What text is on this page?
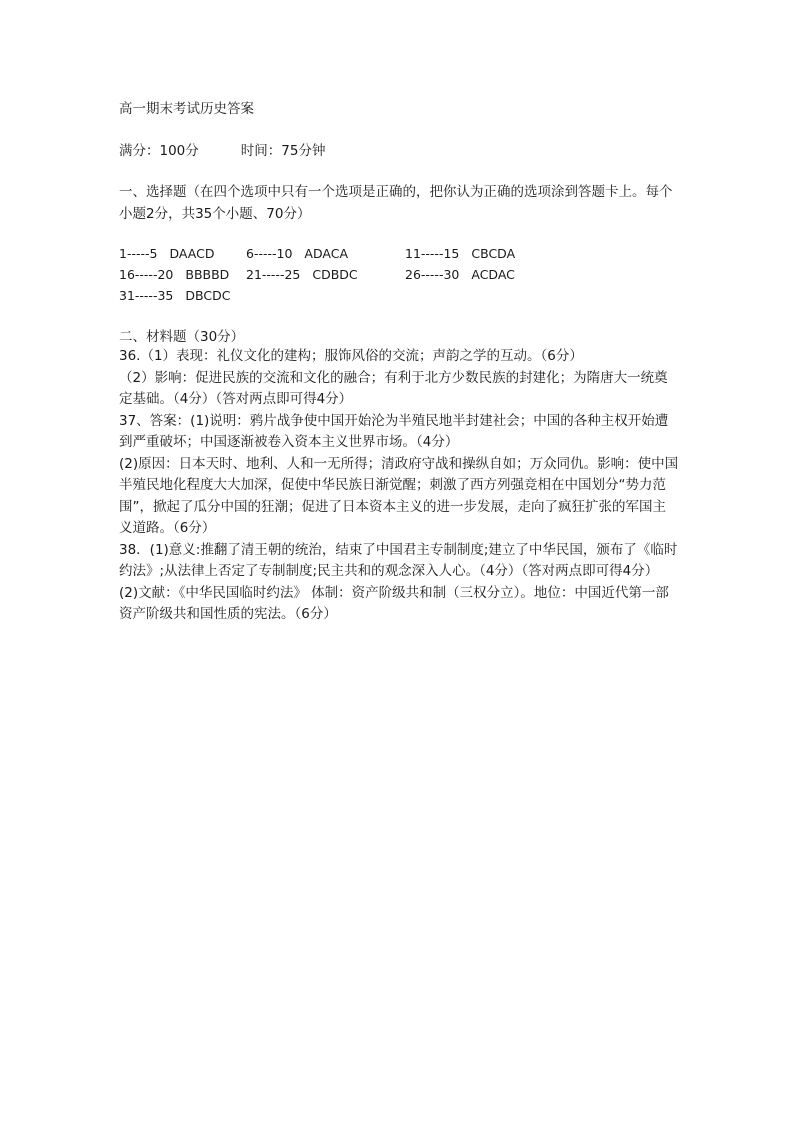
高一期末考试历史答案
满分：100分	时间：75分钟
一、选择题（在四个选项中只有一个选项是正确的，把你认为正确的选项涂到答题卡上。每个小题2分，共35个小题、70分）
1-----5 DAACD	6-----10 ADACA	11-----15 CBCDA
16-----20 BBBBD 21-----25 CDBDC	26-----30 ACDAC
31-----35 DBCDC
二、材料题（30分）

36.（1）表现：礼仪文化的建构；服饰风俗的交流；声韵之学的互动。（6分）

（2）影响：促进民族的交流和文化的融合；有利于北方少数民族的封建化；为隋唐大一统奠定基础。（4分）（答对两点即可得4分）

37、答案：(1)说明：鸦片战争使中国开始沦为半殖民地半封建社会；中国的各种主权开始遭到严重破坏；中国逐渐被卷入资本主义世界市场。（4分）

(2)原因：日本天时、地利、人和一无所得；清政府守战和操纵自如；万众同仇。影响：使中国半殖民地化程度大大加深，促使中华民族日渐觉醒；刺激了西方列强竞相在中国划分“势力范围”，掀起了瓜分中国的狂潮；促进了日本资本主义的进一步发展，走向了疯狂扩张的军国主义道路。（6分）

38．(1)意义:推翻了清王朝的统治，结束了中国君主专制制度;建立了中华民国，颁布了《临时约法》;从法律上否定了专制制度;民主共和的观念深入人心。（4分）（答对两点即可得4分）

(2)文献：《中华民国临时约法》 体制：资产阶级共和制（三权分立）。地位：中国近代第一部资产阶级共和国性质的宪法。（6分）
